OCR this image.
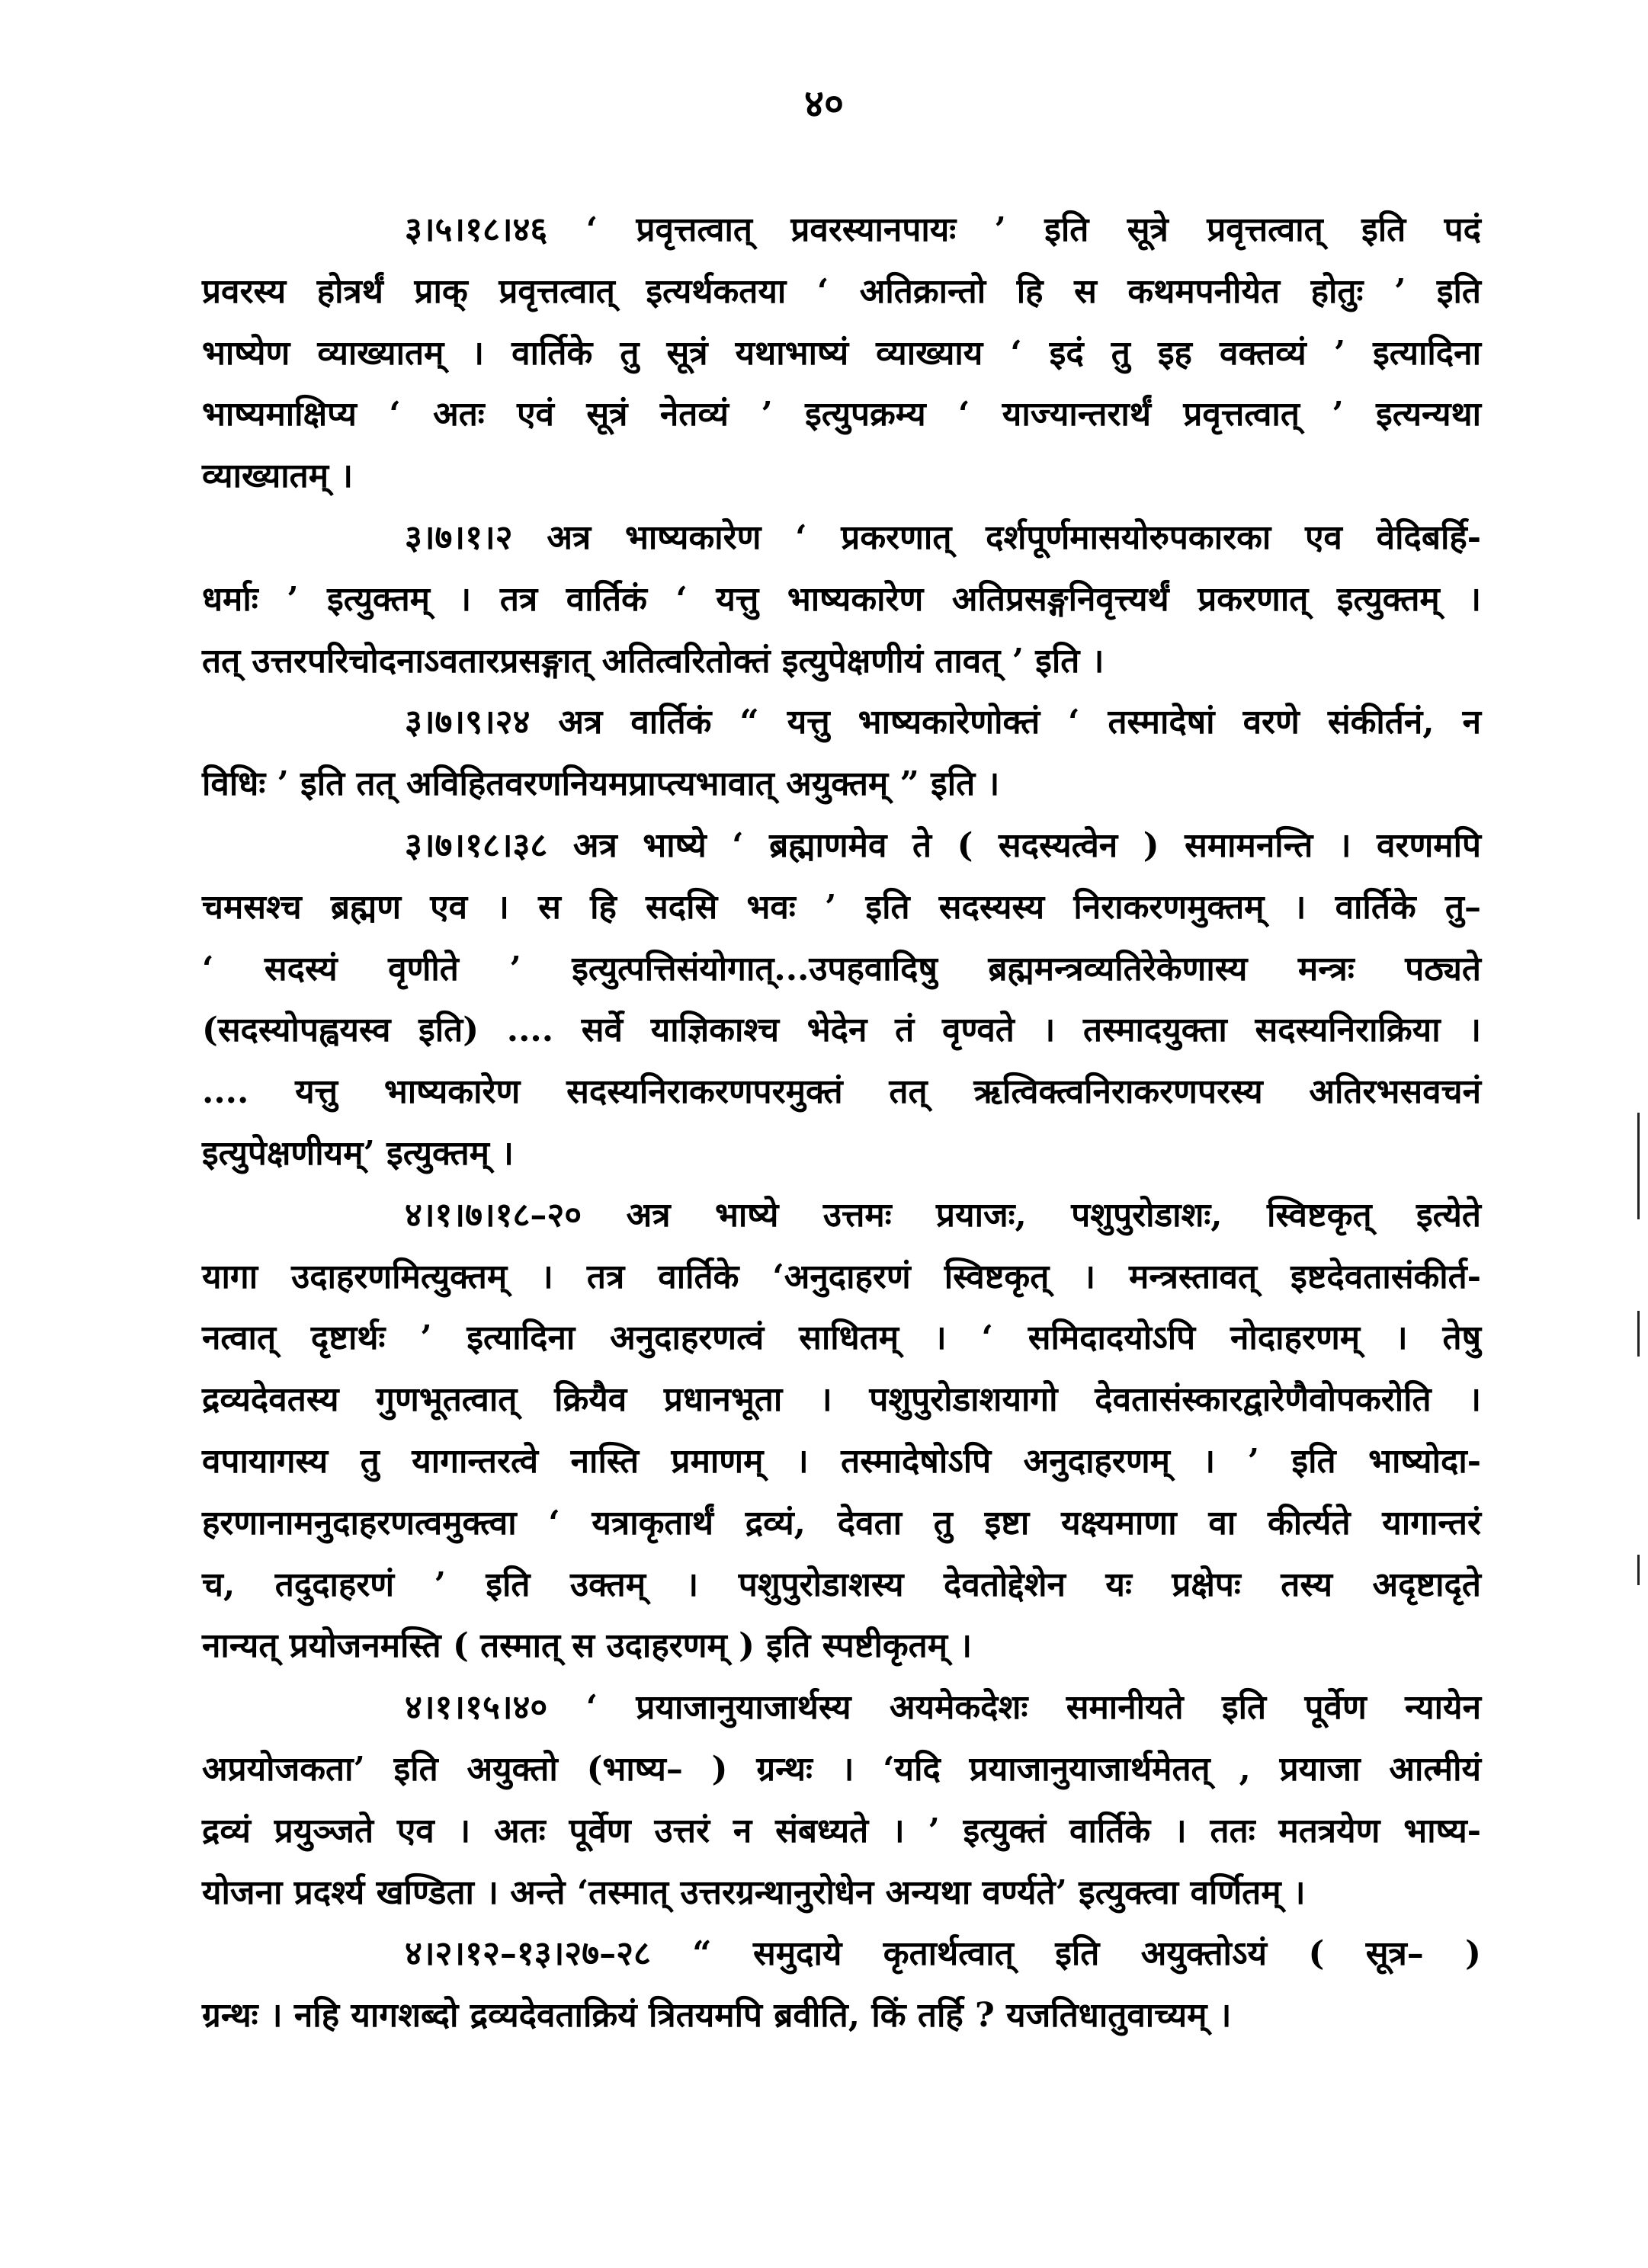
४०
३।५।१८।४६ ‘ प्रवृत्तत्वात् प्रवरस्यानपायः ’ इति सूत्रे प्रवृत्तत्वात् इति पदं
प्रवरस्य होत्रर्थं प्राक् प्रवृत्तत्वात् इत्यर्थकतया ‘ अतिक्रान्तो हि स कथमपनीयेत होतुः ’ इति
भाष्येण व्याख्यातम् । वार्तिके तु सूत्रं यथाभाष्यं व्याख्याय ‘ इदं तु इह वक्तव्यं ’ इत्यादिना
भाष्यमाक्षिप्य ‘ अतः एवं सूत्रं नेतव्यं ’ इत्युपक्रम्य ‘ याज्यान्तरार्थं प्रवृत्तत्वात् ’ इत्यन्यथा
व्याख्यातम् ।
३।७।१।२ अत्र भाष्यकारेण ‘ प्रकरणात् दर्शपूर्णमासयोरुपकारका एव वेदिबर्हि-
धर्माः ’ इत्युक्तम् । तत्र वार्तिकं ‘ यत्तु भाष्यकारेण अतिप्रसङ्गनिवृत्त्यर्थं प्रकरणात् इत्युक्तम् ।
तत् उत्तरपरिचोदनाऽवतारप्रसङ्गात् अतित्वरितोक्तं इत्युपेक्षणीयं तावत् ’ इति ।
३।७।९।२४ अत्र वार्तिकं “ यत्तु भाष्यकारेणोक्तं ‘ तस्मादेषां वरणे संकीर्तनं, न
विधिः ’ इति तत् अविहितवरणनियमप्राप्त्यभावात् अयुक्तम् ” इति ।
३।७।१८।३८ अत्र भाष्ये ‘ ब्रह्माणमेव ते ( सदस्यत्वेन ) समामनन्ति । वरणमपि
चमसश्च ब्रह्मण एव । स हि सदसि भवः ’ इति सदस्यस्य निराकरणमुक्तम् । वार्तिके तु–
‘ सदस्यं वृणीते ’ इत्युत्पत्तिसंयोगात्...उपहवादिषु ब्रह्ममन्त्रव्यतिरेकेणास्य मन्त्रः पठ्यते
(सदस्योपह्वयस्व इति) .... सर्वे याज्ञिकाश्च भेदेन तं वृण्वते । तस्मादयुक्ता सदस्यनिराक्रिया ।
.... यत्तु भाष्यकारेण सदस्यनिराकरणपरमुक्तं तत् ऋत्विक्त्वनिराकरणपरस्य अतिरभसवचनं
इत्युपेक्षणीयम्’ इत्युक्तम् ।
४।१।७।१८–२० अत्र भाष्ये उत्तमः प्रयाजः, पशुपुरोडाशः, स्विष्टकृत् इत्येते
यागा उदाहरणमित्युक्तम् । तत्र वार्तिके ‘अनुदाहरणं स्विष्टकृत् । मन्त्रस्तावत् इष्टदेवतासंकीर्त-
नत्वात् दृष्टार्थः ’ इत्यादिना अनुदाहरणत्वं साधितम् । ‘ समिदादयोऽपि नोदाहरणम् । तेषु
द्रव्यदेवतस्य गुणभूतत्वात् क्रियैव प्रधानभूता । पशुपुरोडाशयागो देवतासंस्कारद्वारेणैवोपकरोति ।
वपायागस्य तु यागान्तरत्वे नास्ति प्रमाणम् । तस्मादेषोऽपि अनुदाहरणम् । ’ इति भाष्योदा-
हरणानामनुदाहरणत्वमुक्त्वा ‘ यत्राकृतार्थं द्रव्यं, देवता तु इष्टा यक्ष्यमाणा वा कीर्त्यते यागान्तरं
च, तदुदाहरणं ’ इति उक्तम् । पशुपुरोडाशस्य देवतोद्देशेन यः प्रक्षेपः तस्य अदृष्टादृते
नान्यत् प्रयोजनमस्ति ( तस्मात् स उदाहरणम् ) इति स्पष्टीकृतम् ।
४।१।१५।४० ‘ प्रयाजानुयाजार्थस्य अयमेकदेशः समानीयते इति पूर्वेण न्यायेन
अप्रयोजकता’ इति अयुक्तो (भाष्य– ) ग्रन्थः । ‘यदि प्रयाजानुयाजार्थमेतत् , प्रयाजा आत्मीयं
द्रव्यं प्रयुञ्जते एव । अतः पूर्वेण उत्तरं न संबध्यते । ’ इत्युक्तं वार्तिके । ततः मतत्रयेण भाष्य-
योजना प्रदर्श्य खण्डिता । अन्ते ‘तस्मात् उत्तरग्रन्थानुरोधेन अन्यथा वर्ण्यते’ इत्युक्त्वा वर्णितम् ।
४।२।१२–१३।२७–२८ “ समुदाये कृतार्थत्वात् इति अयुक्तोऽयं ( सूत्र– )
ग्रन्थः । नहि यागशब्दो द्रव्यदेवताक्रियं त्रितयमपि ब्रवीति, किं तर्हि ? यजतिधातुवाच्यम् ।
